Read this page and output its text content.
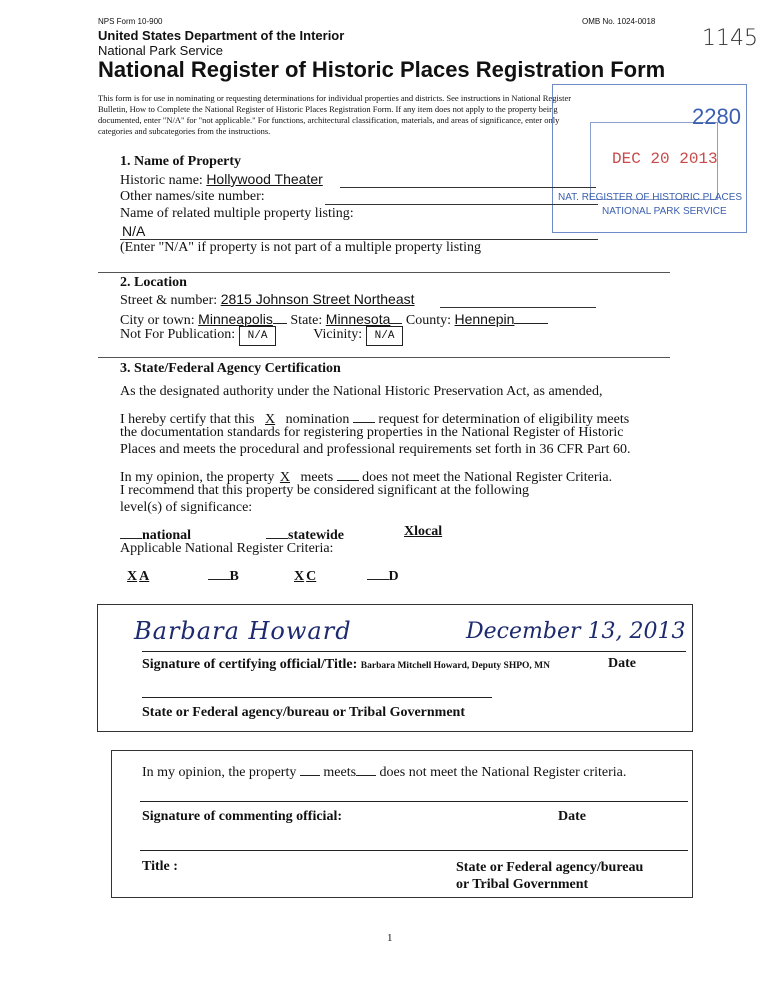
NPS Form 10-900	OMB No. 1024-0018
1145
United States Department of the Interior
National Park Service
National Register of Historic Places Registration Form
This form is for use in nominating or requesting determinations for individual properties and districts. See instructions in National Register
Bulletin, How to Complete the National Register of Historic Places Registration Form. If any item does not apply to the property being
documented, enter "N/A" for "not applicable." For functions, architectural classification, materials, and areas of significance, enter only
categories and subcategories from the instructions.
2280
DEC 20 2013
NAT. REGISTER OF HISTORIC PLACES
NATIONAL PARK SERVICE
1. Name of Property
Historic name: Hollywood Theater
Other names/site number:
Name of related multiple property listing:
N/A
(Enter "N/A" if property is not part of a multiple property listing
2. Location
Street & number: 2815 Johnson Street Northeast
City or town: Minneapolis State: Minnesota County: Hennepin
Not For Publication: N/A	Vicinity: N/A
3. State/Federal Agency Certification
As the designated authority under the National Historic Preservation Act, as amended,
I hereby certify that this X nomination request for determination of eligibility meets
the documentation standards for registering properties in the National Register of Historic
Places and meets the procedural and professional requirements set forth in 36 CFR Part 60.
In my opinion, the property X meets does not meet the National Register Criteria.
I recommend that this property be considered significant at the following
level(s) of significance:
national	statewide	Xlocal
Applicable National Register Criteria:
X A	B	X C	D
Barbara Howard	December 13, 2013
Signature of certifying official/Title: Barbara Mitchell Howard, Deputy SHPO, MN	Date
State or Federal agency/bureau or Tribal Government
In my opinion, the property meets does not meet the National Register criteria.
Signature of commenting official:	Date
Title :	State or Federal agency/bureau
or Tribal Government
1
